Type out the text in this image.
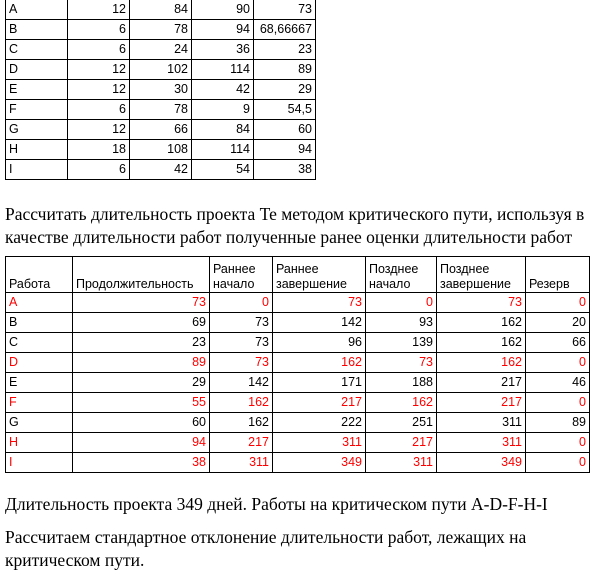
A	12	84	90	73
B	6	78	94	68,66667
C	6	24	36	23
D	12	102	114	89
E	12	30	42	29
F	6	78	9	54,5
G	12	66	84	60
H	18	108	114	94
I	6	42	54	38

Рассчитать длительность проекта Te методом критического пути, используя в качестве длительности работ полученные ранее оценки длительности работ

Работа	Продолжительность	Раннее начало	Раннее завершение	Позднее начало	Позднее завершение	Резерв
A	73	0	73	0	73	0
B	69	73	142	93	162	20
C	23	73	96	139	162	66
D	89	73	162	73	162	0
E	29	142	171	188	217	46
F	55	162	217	162	217	0
G	60	162	222	251	311	89
H	94	217	311	217	311	0
I	38	311	349	311	349	0

Длительность проекта 349 дней. Работы на критическом пути A-D-F-H-I

Рассчитаем стандартное отклонение длительности работ, лежащих на критическом пути.
